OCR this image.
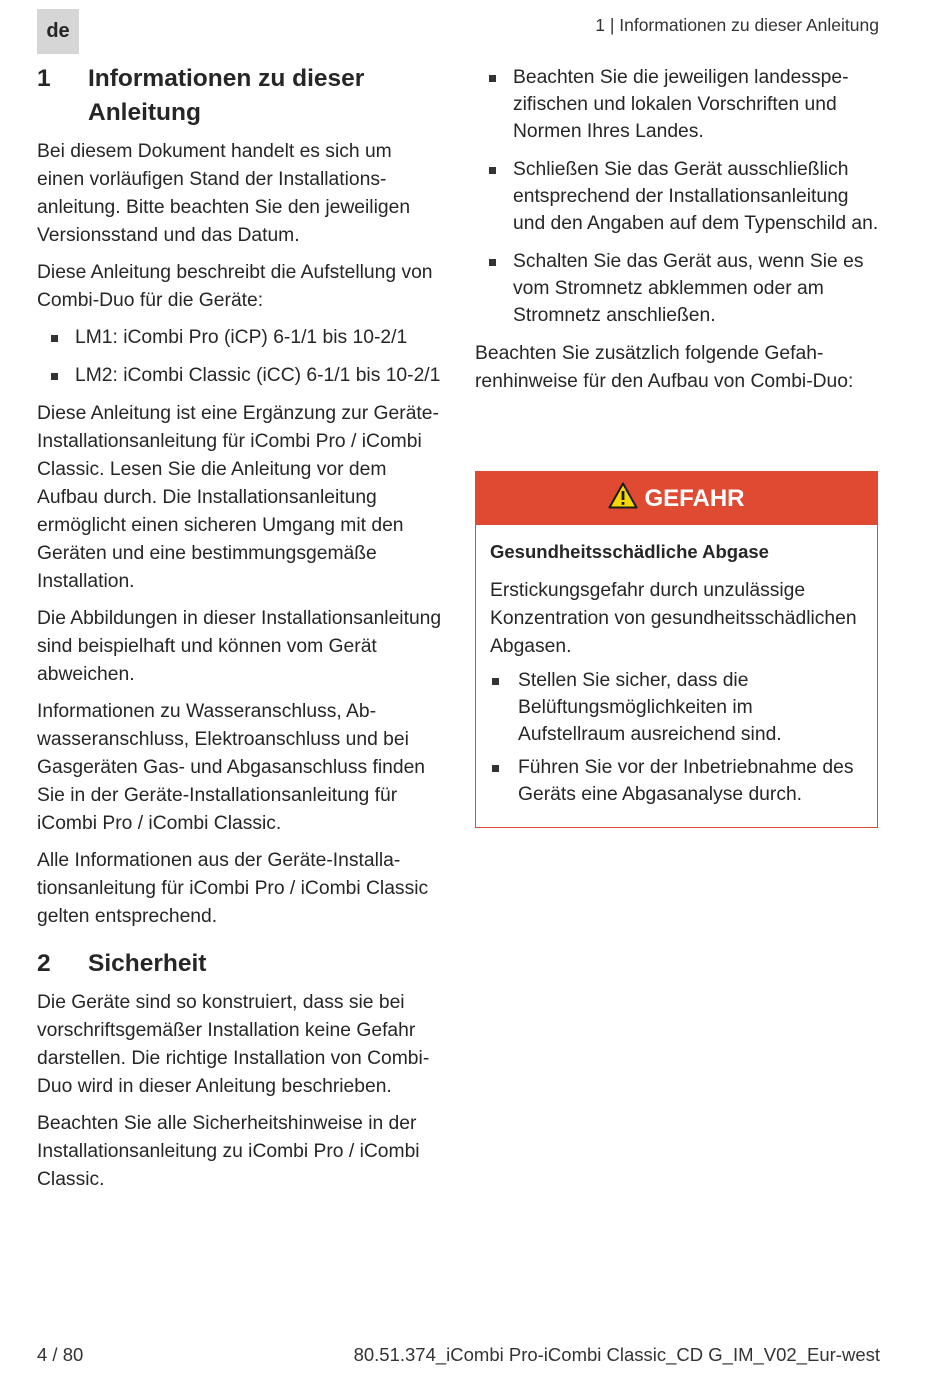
de	1 | Informationen zu dieser Anleitung
1	Informationen zu dieser Anleitung

Bei diesem Dokument handelt es sich um einen vorläufigen Stand der Installationsanleitung. Bitte beachten Sie den jeweiligen Versionsstand und das Datum.

Diese Anleitung beschreibt die Aufstellung von Combi-Duo für die Geräte:

LM1: iCombi Pro (iCP) 6-1/1 bis 10-2/1
LM2: iCombi Classic (iCC) 6-1/1 bis 10-2/1

Diese Anleitung ist eine Ergänzung zur Geräte-Installationsanleitung für iCombi Pro / iCombi Classic. Lesen Sie die Anleitung vor dem Aufbau durch. Die Installationsanleitung ermöglicht einen sicheren Umgang mit den Geräten und eine bestimmungsgemäße Installation.

Die Abbildungen in dieser Installationsanleitung sind beispielhaft und können vom Gerät abweichen.

Informationen zu Wasseranschluss, Abwasseranschluss, Elektroanschluss und bei Gasgeräten Gas- und Abgasanschluss finden Sie in der Geräte-Installationsanleitung für iCombi Pro / iCombi Classic.

Alle Informationen aus der Geräte-Installationsanleitung für iCombi Pro / iCombi Classic gelten entsprechend.

2	Sicherheit

Die Geräte sind so konstruiert, dass sie bei vorschriftsgemäßer Installation keine Gefahr darstellen. Die richtige Installation von Combi-Duo wird in dieser Anleitung beschrieben.

Beachten Sie alle Sicherheitshinweise in der Installationsanleitung zu iCombi Pro / iCombi Classic.

Beachten Sie die jeweiligen landesspezifischen und lokalen Vorschriften und Normen Ihres Landes.
Schließen Sie das Gerät ausschließlich entsprechend der Installationsanleitung und den Angaben auf dem Typenschild an.
Schalten Sie das Gerät aus, wenn Sie es vom Stromnetz abklemmen oder am Stromnetz anschließen.

Beachten Sie zusätzlich folgende Gefahrenhinweise für den Aufbau von Combi-Duo:

GEFAHR
Gesundheitsschädliche Abgase

Erstickungsgefahr durch unzulässige Konzentration von gesundheitsschädlichen Abgasen.

Stellen Sie sicher, dass die Belüftungsmöglichkeiten im Aufstellraum ausreichend sind.
Führen Sie vor der Inbetriebnahme des Geräts eine Abgasanalyse durch.
4 / 80	80.51.374_iCombi Pro-iCombi Classic_CD G_IM_V02_Eur-west
